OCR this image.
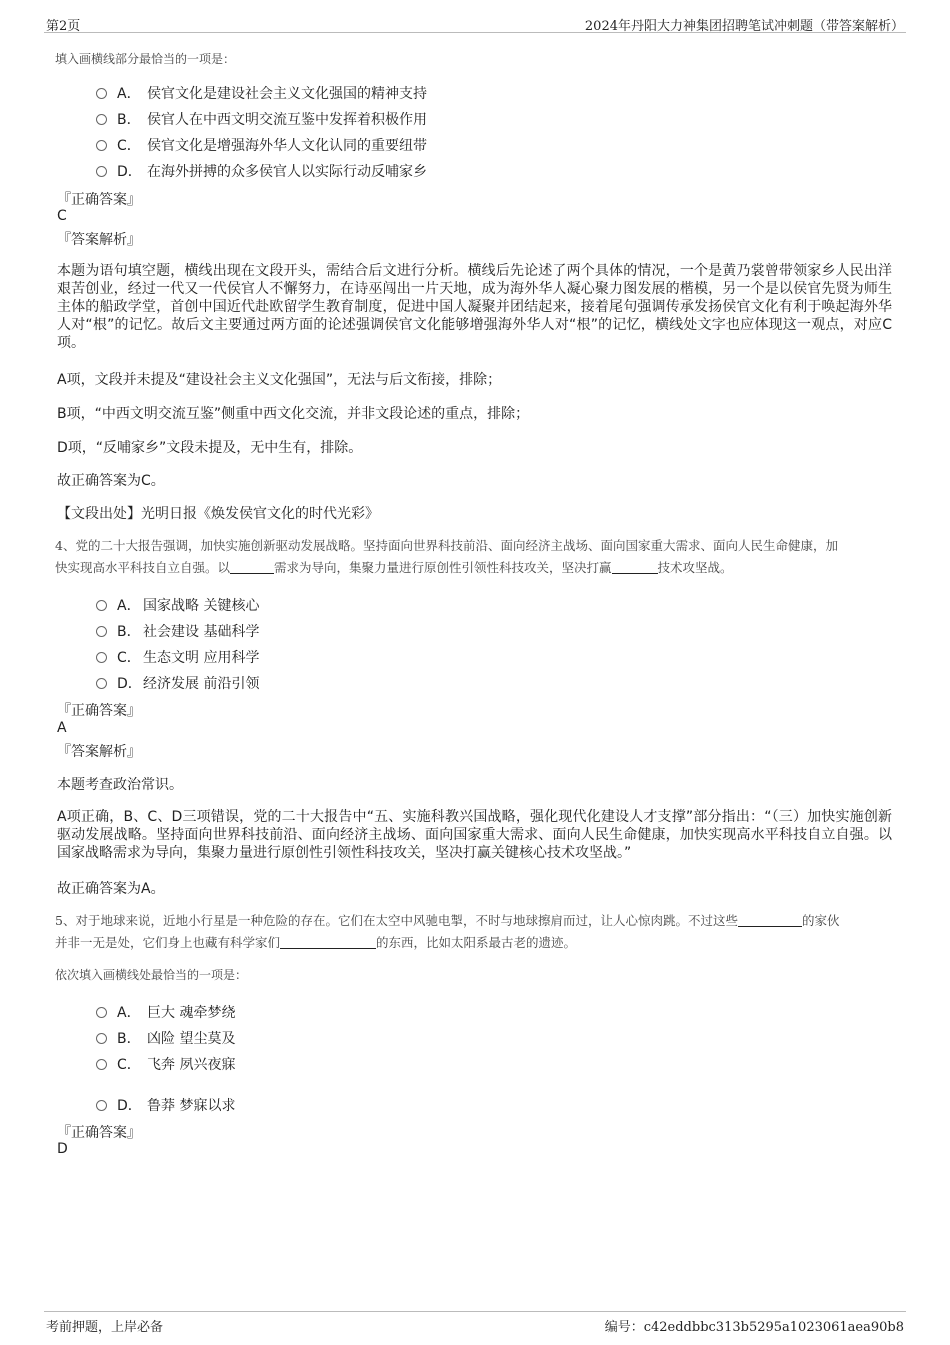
第2页	2024年丹阳大力神集团招聘笔试冲刺题（带答案解析）
填入画横线部分最恰当的一项是：
A． 侯官文化是建设社会主义文化强国的精神支持
B． 侯官人在中西文明交流互鉴中发挥着积极作用
C． 侯官文化是增强海外华人文化认同的重要纽带
D． 在海外拼搏的众多侯官人以实际行动反哺家乡
『正确答案』
C
『答案解析』
本题为语句填空题，横线出现在文段开头，需结合后文进行分析。横线后先论述了两个具体的情况，一个是黄乃裳曾带领家乡人民出洋艰苦创业，经过一代又一代侯官人不懈努力，在诗巫闯出一片天地，成为海外华人凝心聚力图发展的楷模，另一个是以侯官先贤为师生主体的船政学堂，首创中国近代赴欧留学生教育制度，促进中国人凝聚并团结起来，接着尾句强调传承发扬侯官文化有利于唤起海外华人对“根”的记忆。故后文主要通过两方面的论述强调侯官文化能够增强海外华人对“根”的记忆，横线处文字也应体现这一观点，对应C项。
A项，文段并未提及“建设社会主义文化强国”，无法与后文衔接，排除；
B项，“中西文明交流互鉴”侧重中西文化交流，并非文段论述的重点，排除；
D项，“反哺家乡”文段未提及，无中生有，排除。
故正确答案为C。
【文段出处】光明日报《焕发侯官文化的时代光彩》
4、党的二十大报告强调，加快实施创新驱动发展战略。坚持面向世界科技前沿、面向经济主战场、面向国家重大需求、面向人民生命健康，加
快实现高水平科技自立自强。以	需求为导向，集聚力量进行原创性引领性科技攻关，坚决打赢	技术攻坚战。
A． 国家战略 关键核心
B． 社会建设 基础科学
C． 生态文明 应用科学
D．经济发展 前沿引领
『正确答案』
A
『答案解析』
本题考查政治常识。
A项正确，B、C、D三项错误，党的二十大报告中“五、实施科教兴国战略，强化现代化建设人才支撑”部分指出：“（三）加快实施创新驱动发展战略。坚持面向世界科技前沿、面向经济主战场、面向国家重大需求、面向人民生命健康，加快实现高水平科技自立自强。以国家战略需求为导向，集聚力量进行原创性引领性科技攻关，坚决打赢关键核心技术攻坚战。”
故正确答案为A。
5、对于地球来说，近地小行星是一种危险的存在。它们在太空中风驰电掣，不时与地球擦肩而过，让人心惊肉跳。不过这些	的家伙
并非一无是处，它们身上也藏有科学家们	的东西，比如太阳系最古老的遗迹。
依次填入画横线处最恰当的一项是：
A． 巨大 魂牵梦绕
B． 凶险 望尘莫及
C． 飞奔 夙兴夜寐
D． 鲁莽 梦寐以求
『正确答案』
D
考前押题，上岸必备	编号：c42eddbbc313b5295a1023061aea90b8
